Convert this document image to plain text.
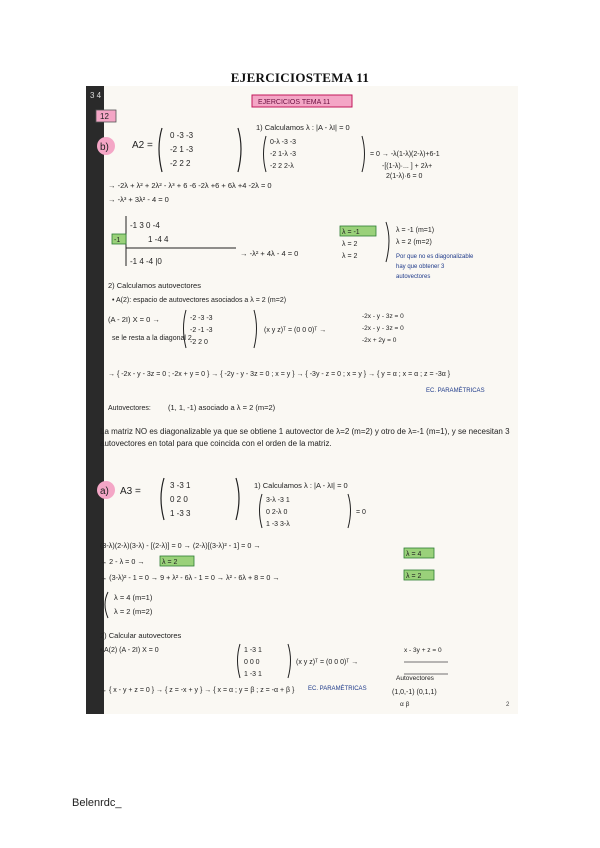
EJERCICIOSTEMA 11
3 4
EJERCICIOS TEMA 11
12
b) A2 =
0 -3 -3
-2 1 -3
-2 2 2
1) Calculamos λ : |A - λI| = 0
0-λ -3 -3
-2 1-λ -3
-2 2 2-λ
= 0 → -λ(1-λ)(2-λ)+6-1
-[(1-λ)·... ] + 2λ+
2(1-λ)·6 = 0
→ -2λ + λ² + 2λ² - λ³ + 6 -6 -2λ +6 + 6λ +4 -2λ = 0
→ -λ³ + 3λ² - 4 = 0
-1 3 0 -4
-1	1 -4 4
-1 4 -4 |0
→ -λ² + 4λ - 4 = 0
λ = -1
λ = 2
λ = 2
λ = -1 (m=1)
λ = 2 (m=2)
Por que no es diagonalizable
hay que obtener 3
autovectores
2) Calculamos autovectores
• A(2): espacio de autovectores asociados a λ = 2 (m=2)
(A - 2I) X = 0 →	-2 -3 -3
-2 -1 -3
-2 2 0
(x y z)ᵀ = (0 0 0)ᵀ →
-2x - y - 3z = 0
-2x - y - 3z = 0
-2x + 2y = 0
se le resta a la diagonal 2.
→ { -2x - y - 3z = 0 ; -2x + y = 0 } → { -2y - y - 3z = 0 ; x = y } → { -3y - z = 0 ; x = y } → { y = α ; x = α ; z = -3α }
EC. PARAMÉTRICAS
Autovectores: (1, 1, -1) asociado a λ = 2 (m=2)
La matriz NO es diagonalizable ya que se obtiene 1 autovector de λ=2 (m=2) y otro de λ=-1 (m=1), y se necesitan 3 autovectores en total para que coincida con el orden de la matriz.
a) A3 =
3 -3 1
0 2 0
1 -3 3
1) Calculamos λ : |A - λI| = 0
3-λ -3 1
0 2-λ 0
1 -3 3-λ
= 0
(3-λ)(2-λ)(3-λ) - [(2-λ)] = 0 → (2-λ)[(3-λ)² - 1] = 0 →
→ 2 - λ = 0 → λ = 2
λ = 4
→ (3-λ)² - 1 = 0 → 9 + λ² - 6λ - 1 = 0 → λ² - 6λ + 8 = 0 →	λ = 2
λ = 4 (m=1)
λ = 2 (m=2)
2) Calcular autovectores
• A(2) (A - 2I) X = 0	1 -3 1
0 0 0
1 -3 1
(x y z)ᵀ = (0 0 0)ᵀ →
x - 3y + z = 0
→ { x - y + z = 0 } → { z = -x + y } → { x = α ; y = β ; z = -α + β } EC. PARAMÉTRICAS
Autovectores
(1,0,-1) (0,1,1)
α β	2
Belenrdc_
